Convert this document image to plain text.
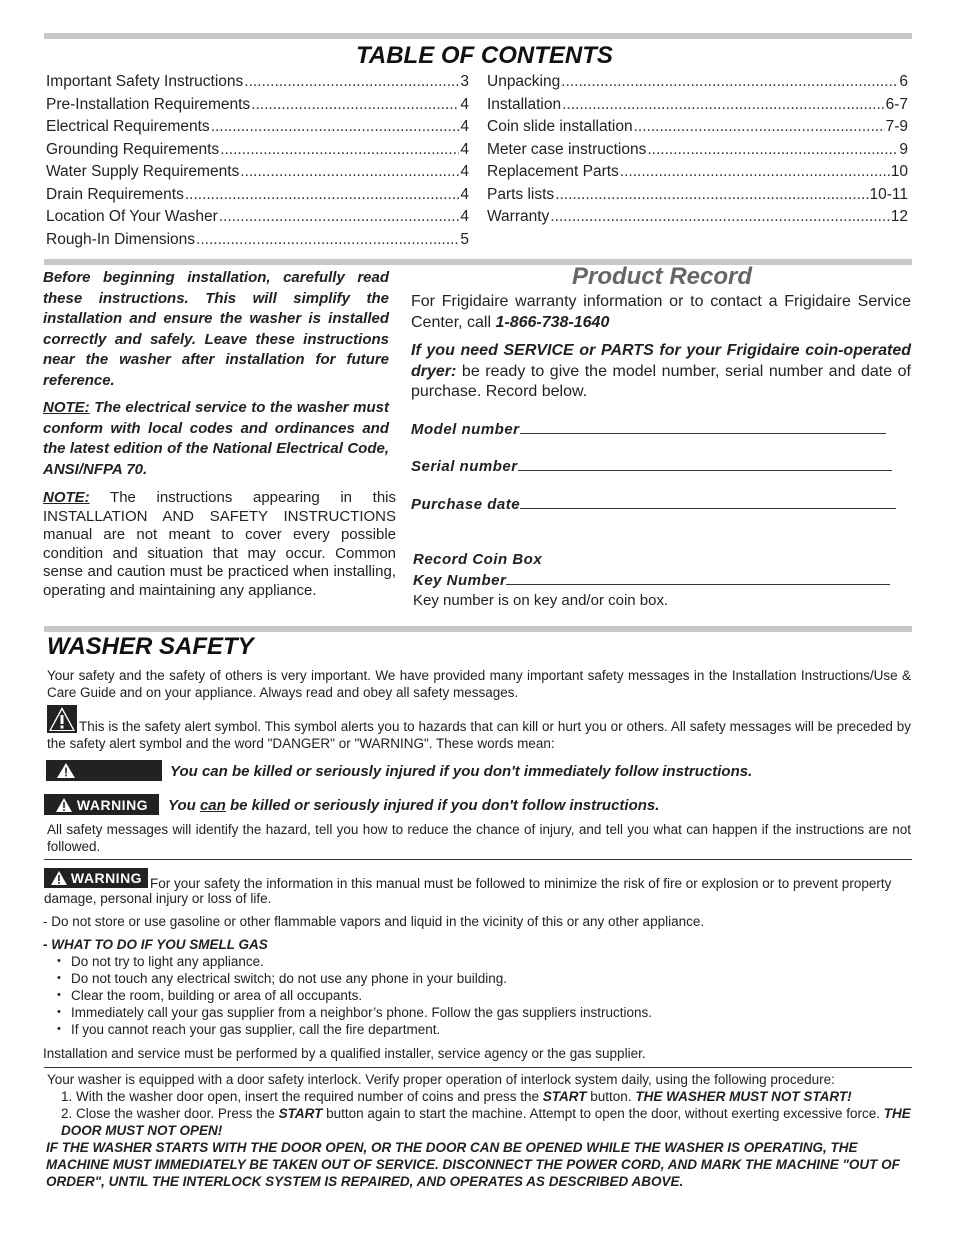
TABLE OF CONTENTS
Important Safety Instructions .....	3
Pre-Installation Requirements .....	4
Electrical Requirements .....	4
Grounding Requirements .....	4
Water Supply Requirements .....	4
Drain Requirements .....	4
Location Of Your Washer .....	4
Rough-In Dimensions .....	5
Unpacking .....	6
Installation .....	6-7
Coin slide installation .....	7-9
Meter case instructions .....	9
Replacement Parts .....	10
Parts lists .....	10-11
Warranty .....	12
Before beginning installation, carefully read these instructions. This will simplify the installation and ensure the washer is installed correctly and safely. Leave these instructions near the washer after installation for future reference.
NOTE: The electrical service to the washer must conform with local codes and ordinances and the latest edition of the National Electrical Code, ANSI/NFPA 70.
NOTE: The instructions appearing in this INSTALLATION AND SAFETY INSTRUCTIONS manual are not meant to cover every possible condition and situation that may occur. Common sense and caution must be practiced when installing, operating and maintaining any appliance.
Product Record
For Frigidaire warranty information or to contact a Frigidaire Service Center, call 1-866-738-1640
If you need SERVICE or PARTS for your Frigidaire coin-operated dryer: be ready to give the model number, serial number and date of purchase. Record below.
Model number
Serial number
Purchase date
Record Coin Box
Key Number
Key number is on key and/or coin box.
WASHER SAFETY
Your safety and the safety of others is very important. We have provided many important safety messages in the Installation Instructions/Use & Care Guide and on your appliance. Always read and obey all safety messages.
This is the safety alert symbol. This symbol alerts you to hazards that can kill or hurt you or others. All safety messages will be preceded by the safety alert symbol and the word "DANGER" or "WARNING". These words mean:
You can be killed or seriously injured if you don't immediately follow instructions.
WARNING You can be killed or seriously injured if you don't follow instructions.
All safety messages will identify the hazard, tell you how to reduce the chance of injury, and tell you what can happen if the instructions are not followed.
WARNING For your safety the information in this manual must be followed to minimize the risk of fire or explosion or to prevent property damage, personal injury or loss of life.
- Do not store or use gasoline or other flammable vapors and liquid in the vicinity of this or any other appliance.
- WHAT TO DO IF YOU SMELL GAS
• Do not try to light any appliance.
• Do not touch any electrical switch; do not use any phone in your building.
• Clear the room, building or area of all occupants.
• Immediately call your gas supplier from a neighbor’s phone. Follow the gas suppliers instructions.
• If you cannot reach your gas supplier, call the fire department.
Installation and service must be performed by a qualified installer, service agency or the gas supplier.
Your washer is equipped with a door safety interlock. Verify proper operation of interlock system daily, using the following procedure:
1. With the washer door open, insert the required number of coins and press the START button. THE WASHER MUST NOT START!
2. Close the washer door. Press the START button again to start the machine. Attempt to open the door, without exerting excessive force. THE DOOR MUST NOT OPEN!
IF THE WASHER STARTS WITH THE DOOR OPEN, OR THE DOOR CAN BE OPENED WHILE THE WASHER IS OPERATING, THE MACHINE MUST IMMEDIATELY BE TAKEN OUT OF SERVICE. DISCONNECT THE POWER CORD, AND MARK THE MACHINE "OUT OF ORDER", UNTIL THE INTERLOCK SYSTEM IS REPAIRED, AND OPERATES AS DESCRIBED ABOVE.
